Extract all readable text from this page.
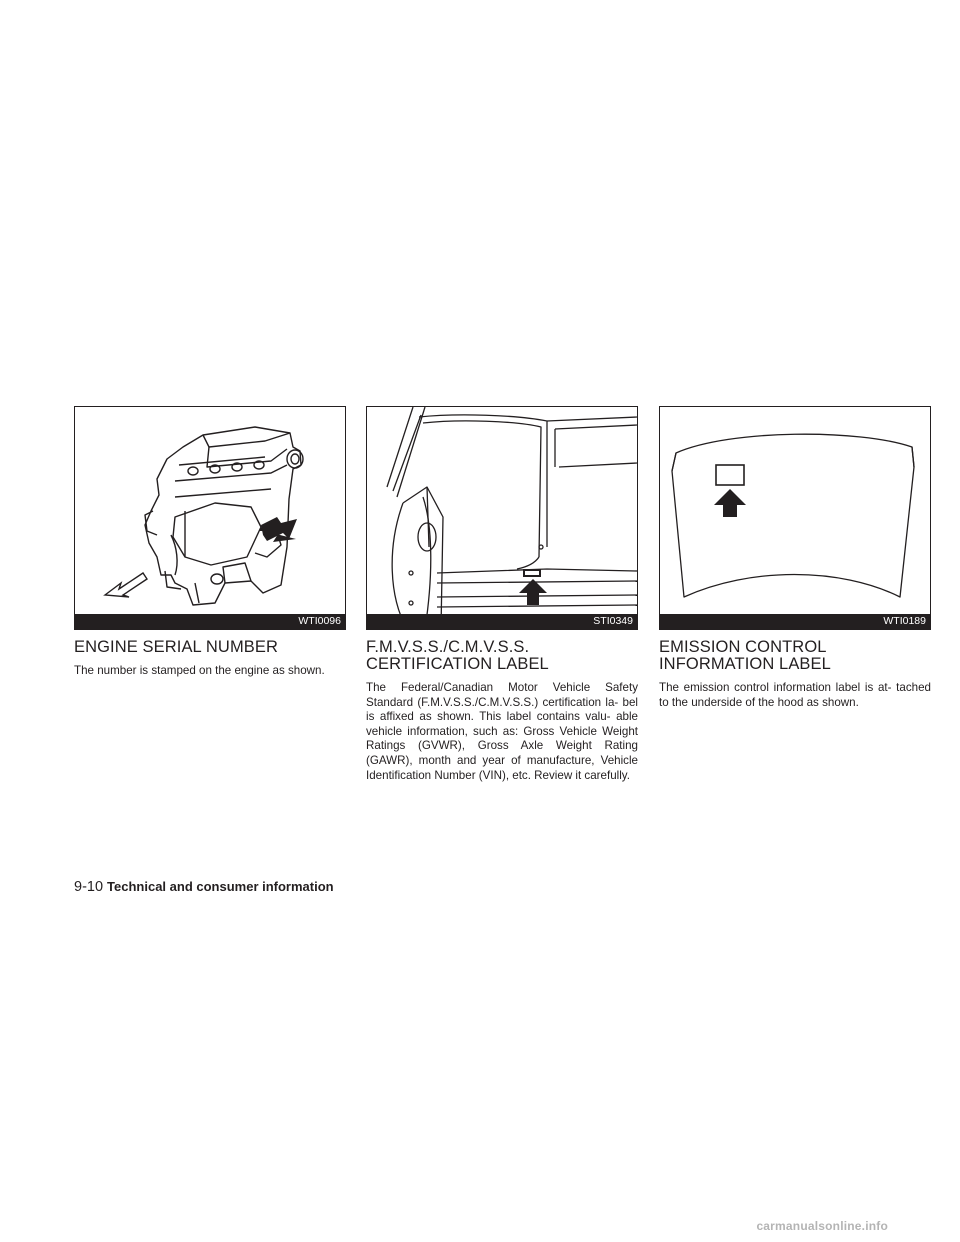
WTI0096
ENGINE SERIAL NUMBER

The number is stamped on the engine as shown.

STI0349
F.M.V.S.S./C.M.V.S.S. CERTIFICATION LABEL

The Federal/Canadian Motor Vehicle Safety Standard (F.M.V.S.S./C.M.V.S.S.) certification la- bel is affixed as shown. This label contains valu- able vehicle information, such as: Gross Vehicle Weight Ratings (GVWR), Gross Axle Weight Rating (GAWR), month and year of manufacture, Vehicle Identification Number (VIN), etc. Review it carefully.

WTI0189
EMISSION CONTROL INFORMATION LABEL

The emission control information label is at- tached to the underside of the hood as shown.

9-10 Technical and consumer information
carmanualsonline.info
